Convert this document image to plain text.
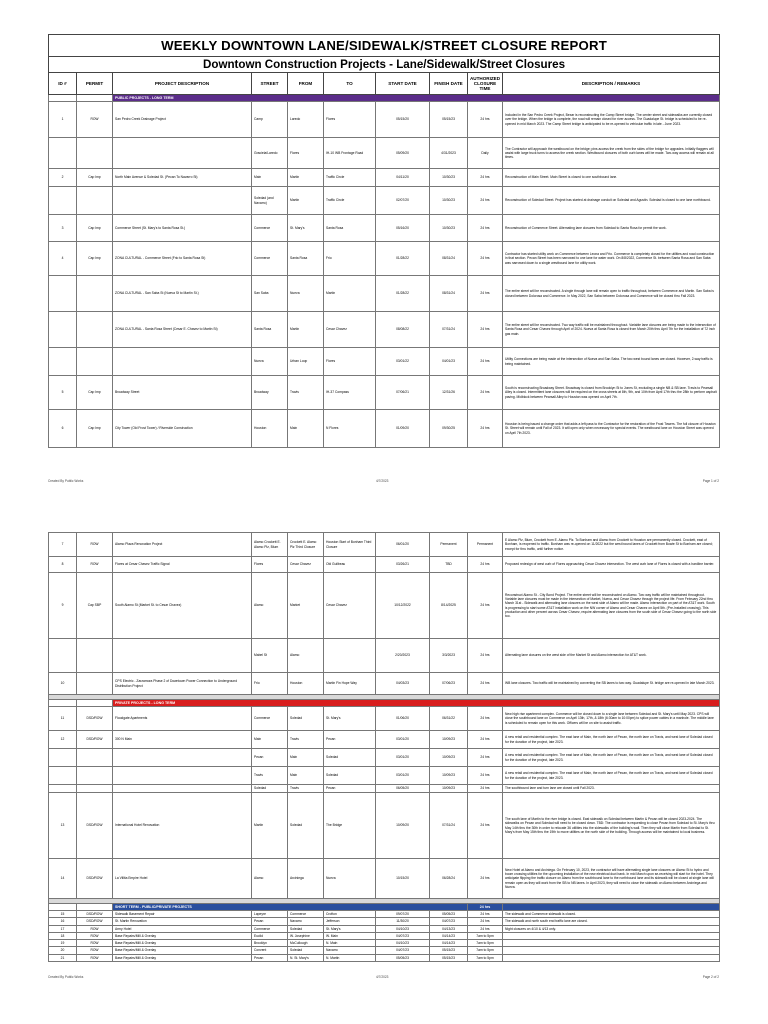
WEEKLY DOWNTOWN LANE/SIDEWALK/STREET CLOSURE REPORT									
Downtown Construction Projects - Lane/Sidewalk/Street Closures									
ID #	PERMIT	PROJECT DESCRIPTION	STREET	FROM	TO	START DATE	FINISH DATE	AUTHORIZED CLOSURE TIME	DESCRIPTION / REMARKS
		PUBLIC PROJECTS - LONG TERM							
1	ROW	San Pedro Creek Drainage Project	Camp	Laredo	Flores	05/15/20	05/15/23	24 hrs	Included in the San Pedro Creek Project, Bexar is reconstructing the Camp Street bridge. The center street and sidewalks are currently closed over the bridge. When the bridge is complete, the road will remain closed for river access. The Guadalupe St. bridge is scheduled to be re-opened in mid March 2023. The Camp Street bridge is anticipated to be re-opened to vehicular traffic in late - June 2023.
			Graciela/Laredo	Flores	IH-10 WB Frontage Road	05/09/20	4/31/2023	Daily	The Contractor will approach the westbound on the bridge; pins access the creek from the sides of the bridge for upgrades. Initially flaggers will assist with large truck turns to access the creek section. Westbound closures of both curb lanes will be made. Two-way access will remain at all times.
2	Cap Imp	North Main Avenue & Soledad St. (Pecan To Navarro St)	Main	Martin	Traffic Circle	04/11/20	10/30/23	24 hrs	Reconstruction of Main Street. Main Street is closed to one southbound lane.
			Soledad (and Navarro)	Martin	Traffic Circle	02/07/20	10/30/23	24 hrs	Reconstruction of Soledad Street. Project has started at drainage conduit on Soledad and Agustin. Soledad is closed to one lane northbound.
3	Cap Imp	Commerce Street (St. Mary's to Santa Rosa St.)	Commerce	St. Mary's	Santa Rosa	05/16/20	10/30/23	24 hrs	Reconstruction of Commerce Street. Alternating lane closures from Soledad to Santa Rosa for permit the work.
4	Cap Imp	ZONA CULTURAL - Commerce Street (Frio to Santa Rosa St)	Commerce	Santa Rosa	Frio	01/28/22	08/31/24	24 hrs	Contractor has started utility work on Commerce between Leona and Frio. Commerce is completely closed for the utilities and road construction in that section. Pecan Street has been narrowed to one lane for water work. On 8/8/2022, Commerce St. between Santa Rosa and San Saba was narrowed down to a single westbound lane for utility work.
		ZONA CULTURAL - San Saba St (Nueva St to Martin St.)	San Saba	Nueva	Martin	01/28/22	08/31/24	24 hrs	The entire street will be reconstructed. A single through lane will remain open to traffic throughout, between Commerce and Martin. San Saba is closed between Dolorosa and Commerce. In May 2022, San Saba between Dolorosa and Commerce will be closed thru Fall 2023.
		ZONA CULTURAL - Santa Rosa Street (Cesar E. Chavez to Martin St)	Santa Rosa	Martin	Cesar Chavez	08/08/22	07/31/24	24 hrs	The entire street will be reconstructed. Two way traffic will be maintained throughout. Variable lane closures are being made to the intersection of Santa Rosa and Cesar Chavez through April of 2024. Nueva at Santa Rosa is closed from March 20th thru April 7th for the installation of 72 inch gas main.
			Nueva	Urban Loop	Flores	03/01/22	04/01/23	24 hrs	Utility Connections are being made at the intersection of Nueva and San Saba. The two west bound lanes are closed. However, 2-way traffic is being maintained.
5	Cap Imp	Broadway Street	Broadway	Travis	IH-37 Compass	07/06/21	12/31/26	24 hrs	South is reconstructing Broadway Street. Broadway is closed from Brooklyn St to Jones St, excluding a single NB & SB lane. Travis to Pearsall Alley is closed. Intermittent lane closures will be required on the cross streets at 8th, 9th, and 10th from April 17th thru the 28th to perform asphalt paving. Midblock between Pearsall Alley to Houston was opened on April 7th.
6	Cap Imp	City Tower (Old Frost Tower) / Riverside Construction	Houston	Main	N Flores	01/09/20	09/30/25	24 hrs	Houston is being issued a change order that adds a left pass to the Contractor for the restoration of the Frost Towers. The full closure of Houston St. Street will remain until Fall of 2023. It will open only when necessary for special events. The westbound lane on Houston Street was opened on April 7th 2023.
Created By Public Works	4/7/2023	Page 1 of 2
7	ROW	Alamo Plaza Renovation Project	Alamo Crockett E. Alamo Plz, Blum	Crockett E. Alamo Plz Third Closure	Houston Start of Bonham Third Closure	06/01/20	Permanent	Permanent	E Alamo Plz, Blum, Crockett from E. Alamo Plz. To Bonham and Alamo from Crockett to Houston are permanently closed. Crockett, east of Bonham, is reopened to traffic. Bonham was re-opened on 11/2022 but the west bound lanes of Crockett from Bowie St to Bonham are closed; except for thru traffic, until further notice.
8	ROW	Flores at Cesar Chavez Traffic Signal	Flores	Cesar Chavez	Old Guilbeau	03/26/21	TBD	24 hrs	Proposed redesign of west curb of Flores approaching Cesar Chavez intersection. The west curb lane of Flores is closed with a hardline barrier.
9	Cap SBP	South Alamo St (Market St. to Cesar Chavez)	Alamo	Market	Cesar Chavez	10/12/2022	8/14/2025	24 hrs	Reconstruct Alamo St - City Bond Project. The entire street will be reconstructed on Alamo. Two way traffic will be maintained throughout. Variable lane closures must be made in the intersection of Market, Nueva, and Cesar Chavez through the project life. From February 22nd thru March 31st - Sidewalk and alternating lane closures on the west side of Alamo will be made. Alamo Intersection on part of the AT&T work. South is progressing to start some AT&T installation work on the NW corner of Alamo and Cesar Chavez on April 5th. (Pre-Installed crossing). This production and other percent across Cesar Chavez, require alternating lane closures from the south side of Cesar Chavez going to the north side too.
			Mabel St	Alamo		2/20/2023	3/3/2023	24 hrs	Alternating lane closures on the west side of the Market St and Alamo intersection for AT&T work.
10		CPS Electric - Zarzamora Phase 2 of Downtown Power Connection to Underground Distribution Project	Frio	Houston	Martin Fin Hope Way	04/03/23	07/06/23	24 hrs	WB lane closures. Two traffic will be maintained by converting the SB lanes to two way. Guadalupe St. bridge are re-opened in late March 2023.

		PRIVATE PROJECTS - LONG TERM							
11	DSD/ROW	Floodgate Apartments	Commerce	Soledad	St. Mary's	01/06/20	06/31/22	24 hrs	New high rise apartment complex. Commerce will be closed down to a single lane between Soledad and St. Mary's until May 2023. CPS will close the southbound lane on Commerce on April 13th, 17th, & 18th (6:30am to 10:00pm) to splice power cables in a manhole. The middle lane is scheduled to remain open for this work. Officers will be on site to assist traffic.
12	DSD/ROW	300 N Main	Main	Travis	Pecan	03/01/20	10/09/23	24 hrs	A new retail and residential complex. The east lane of Main, the north lane of Pecan, the north lane on Travis, and west lane of Soledad closed for the duration of the project, late 2023.
			Pecan	Main	Soledad	03/01/20	10/09/23	24 hrs	A new retail and residential complex. The east lane of Main, the north lane of Pecan, the north lane on Travis, and west lane of Soledad closed for the duration of the project, late 2023.
			Travis	Main	Soledad	03/01/20	10/09/23	24 hrs	A new retail and residential complex. The east lane of Main, the north lane of Pecan, the north lane on Travis, and west lane of Soledad closed for the duration of the project, late 2023.
			Soledad	Travis	Pecan	06/05/20	10/09/23	24 hrs	The southbound lane and turn lane are closed until Fall 2023.
13	DSD/ROW	International Hotel Renovation	Martin	Soledad	The Bridge	10/09/20	07/31/24	24 hrs	The south lane of Martin to the river bridge is closed. East sidewalk on Soledad between Martin & Pecan will be closed 2023-2024. The sidewalks on Pecan and Soledad will need to be closed down. TBD: The contractor is requesting to close Pecan from Soledad to St. Mary's thru May 14th thru the 30th in order to relocate 36 utilities into the sidewalks of the building's wall. Then they will close Martin from Soledad to St. Mary's from May 15th thru the 19th to move utilities on the north side of the building. Through access will be maintained to local business.
14	DSD/ROW	La Villita Empire Hotel	Alamo	Arciniega	Nueva	10/15/20	06/28/24	24 hrs	New Hotel at Alamo and Arciniega. On February 10, 2023, the contractor will have alternating single lane closures on Alamo St to hydro and boom crossing utilities for the upcoming installation of the new electrical duct bank. In mid March upon se-receiving will start for the hotel. They anticipate flipping the traffic closure on Alamo from the southbound lane to the northbound lane and its sidewalk will be closed at single lane will remain open as they will work from the SB to NB lanes. In April 2023, they will need to close the sidewalk on Alamo between Arciniega and Nueva.

		SHORT TERM - PUBLIC/PRIVATE PROJECTS						24 hrs	
15	DSD/ROW	Sidewalk Basement Repair	Lapeyre	Commerce	Crofton	09/07/20	05/05/23	24 hrs	The sidewalk and Commerce sidewalk is closed.
16	DSD/ROW	St. Martin Renovation	Pecan	Navarro	Jefferson	11/30/20	04/07/23	24 hrs	The sidewalk and north south end traffic lane are closed.
17	ROW	Army Hotel	Commerce	Soledad	St. Mary's	04/10/23	04/13/23	24 hrs	Night closures on 4/10 & 4/13 only.
18	ROW	Base Repairs/Mill & Overlay	Euclid	W. Josephine	W. Main	04/07/23	04/14/23	7am to 5pm	
19	ROW	Base Repairs/Mill & Overlay	Brooklyn	McCullough	N. Main	04/10/23	04/14/23	7am to 5pm	
20	ROW	Base Repairs/Mill & Overlay	Convent	Soledad	Navarro	04/07/23	05/15/23	7am to 5pm	
21	ROW	Base Repairs/Mill & Overlay	Pecan	N. St. Mary's	N. Martin	05/05/23	05/15/23	7am to 5pm	
Created By Public Works	4/7/2023	Page 2 of 2
